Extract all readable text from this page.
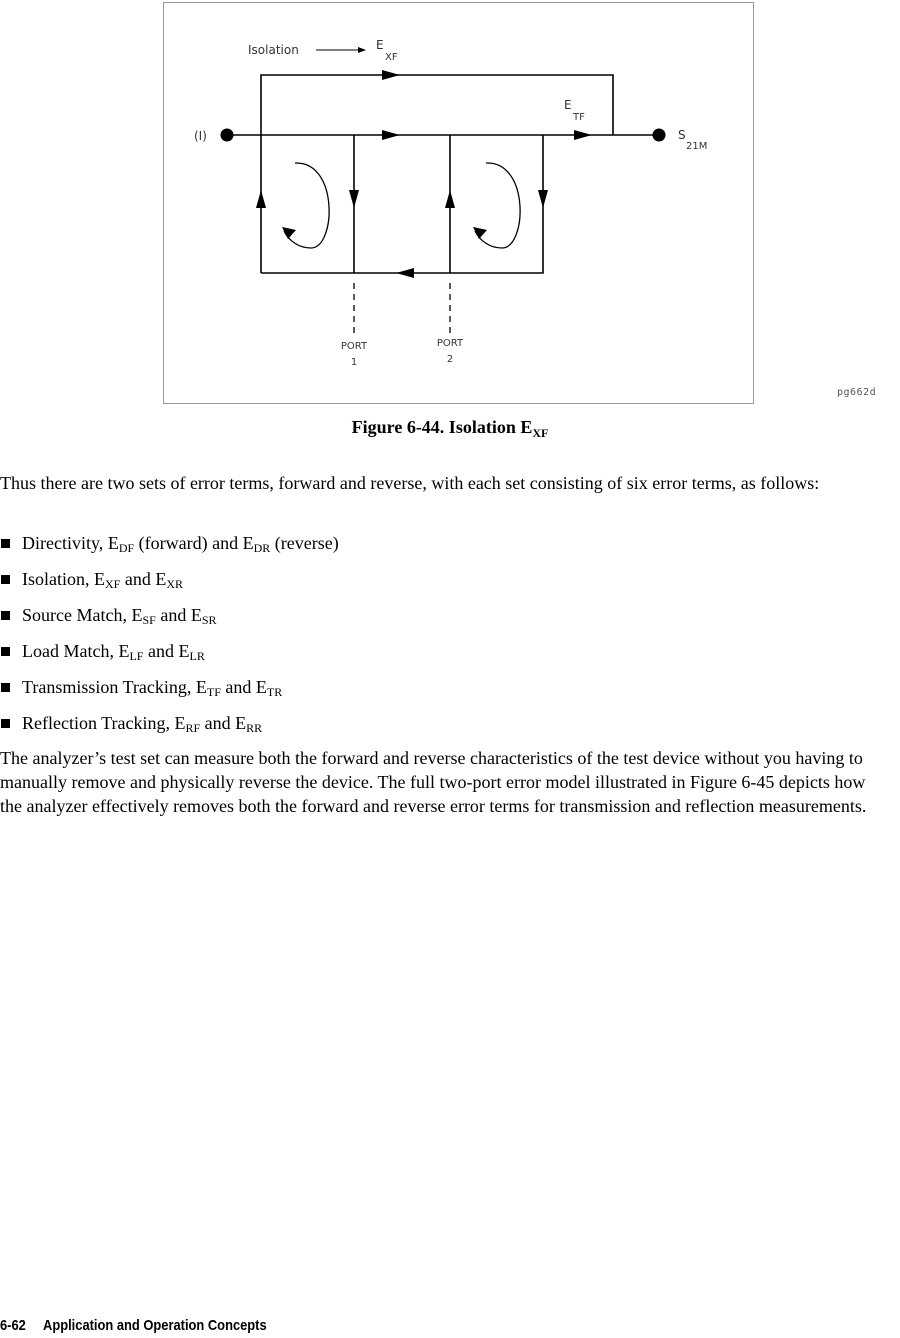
Isolation	E
XF
E
TF
(I)	S
21M
PORT
1
PORT
2
pg662d
Figure 6-44. Isolation $E_{XF}$

Thus there are two sets of error terms, forward and reverse, with each set consisting of six error terms, as follows:

Directivity, $E_{DF}$ (forward) and $E_{DR}$ (reverse)
Isolation, $E_{XF}$ and $E_{XR}$
Source Match, $E_{SF}$ and $E_{SR}$
Load Match, $E_{LF}$ and $E_{LR}$
Transmission Tracking, $E_{TF}$ and $E_{TR}$
Reflection Tracking, $E_{RF}$ and $E_{RR}$

The analyzer’s test set can measure both the forward and reverse characteristics of the test device without you having to manually remove and physically reverse the device. The full two-port error model illustrated in Figure 6-45 depicts how the analyzer effectively removes both the forward and reverse error terms for transmission and reflection measurements.

6-62 Application and Operation Concepts
